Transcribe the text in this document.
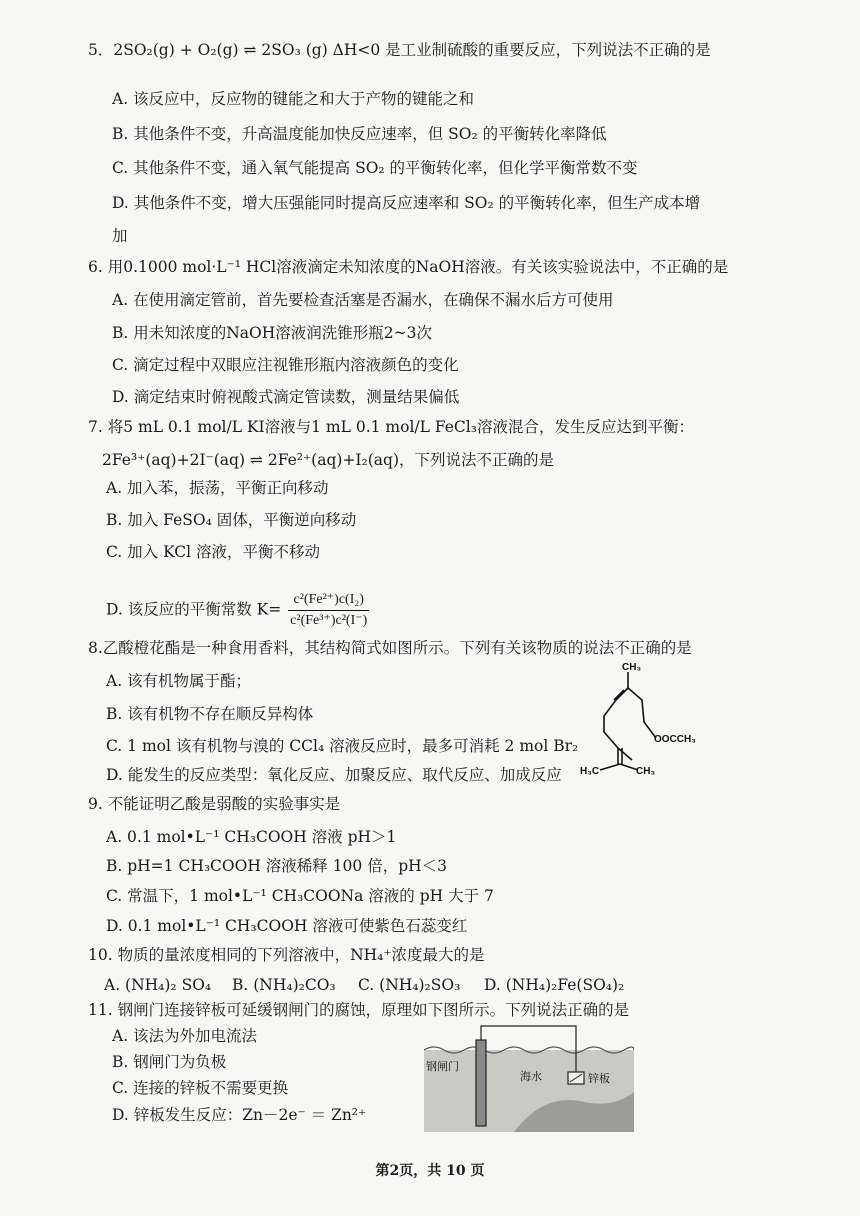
5．2SO₂(g) + O₂(g) ⇌ 2SO₃ (g) ΔH<0 是工业制硫酸的重要反应，下列说法不正确的是
A. 该反应中，反应物的键能之和大于产物的键能之和
B. 其他条件不变，升高温度能加快反应速率，但 SO₂ 的平衡转化率降低
C. 其他条件不变，通入氧气能提高 SO₂ 的平衡转化率，但化学平衡常数不变
D. 其他条件不变，增大压强能同时提高反应速率和 SO₂ 的平衡转化率，但生产成本增
加
6. 用0.1000 mol·L⁻¹ HCl溶液滴定未知浓度的NaOH溶液。有关该实验说法中，不正确的是
A. 在使用滴定管前，首先要检查活塞是否漏水，在确保不漏水后方可使用
B. 用未知浓度的NaOH溶液润洗锥形瓶2~3次
C. 滴定过程中双眼应注视锥形瓶内溶液颜色的变化
D. 滴定结束时俯视酸式滴定管读数，测量结果偏低
7. 将5 mL 0.1 mol/L KI溶液与1 mL 0.1 mol/L FeCl₃溶液混合，发生反应达到平衡：
2Fe³⁺(aq)+2I⁻(aq) ⇌ 2Fe²⁺(aq)+I₂(aq)，下列说法不正确的是
A. 加入苯，振荡，平衡正向移动
B. 加入 FeSO₄ 固体，平衡逆向移动
C. 加入 KCl 溶液，平衡不移动
D. 该反应的平衡常数 $K= \frac{\text{c²(Fe²⁺)c(I₂)}}{\text{c²(Fe³⁺)c²(I⁻)}}$
8.乙酸橙花酯是一种食用香料，其结构简式如图所示。下列有关该物质的说法不正确的是
A. 该有机物属于酯；
B. 该有机物不存在顺反异构体
C. 1 mol 该有机物与溴的 CCl₄ 溶液反应时，最多可消耗 2 mol Br₂
D. 能发生的反应类型：氧化反应、加聚反应、取代反应、加成反应
CH₃
OOCCH₃
H₃C	CH₃
9. 不能证明乙酸是弱酸的实验事实是
A. 0.1 mol•L⁻¹ CH₃COOH 溶液 pH＞1
B. pH=1 CH₃COOH 溶液稀释 100 倍，pH＜3
C. 常温下，1 mol•L⁻¹ CH₃COONa 溶液的 pH 大于 7
D. 0.1 mol•L⁻¹ CH₃COOH 溶液可使紫色石蕊变红
10. 物质的量浓度相同的下列溶液中，NH₄⁺浓度最大的是
A. (NH₄)₂ SO₄ B. (NH₄)₂CO₃ C. (NH₄)₂SO₃ D. (NH₄)₂Fe(SO₄)₂
11. 钢闸门连接锌板可延缓钢闸门的腐蚀，原理如下图所示。下列说法正确的是
A. 该法为外加电流法
B. 钢闸门为负极
C. 连接的锌板不需要更换
D. 锌板发生反应：Zn－2e⁻ ＝ Zn²⁺
钢闸门
海水	锌板
第2页，共 10 页
